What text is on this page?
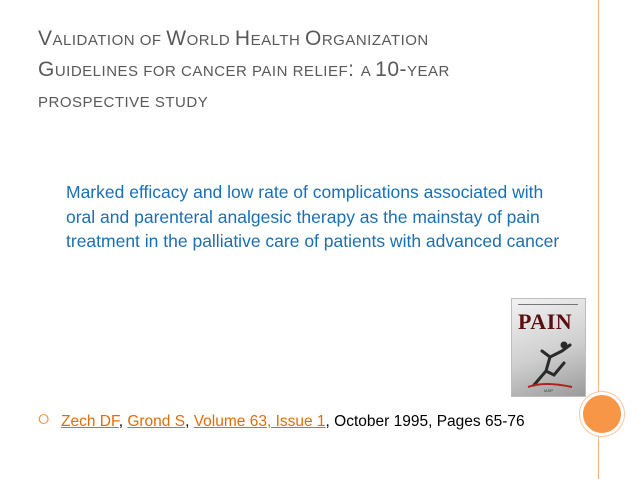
VALIDATION OF WORLD HEALTH ORGANIZATION
GUIDELINES FOR CANCER PAIN RELIEF: A 10-YEAR
PROSPECTIVE STUDY
Marked efficacy and low rate of complications associated with oral and parenteral analgesic therapy as the mainstay of pain treatment in the palliative care of patients with advanced cancer
PAIN
IASP
⭘ Zech DF, Grond S, Volume 63, Issue 1, October 1995, Pages 65-76
